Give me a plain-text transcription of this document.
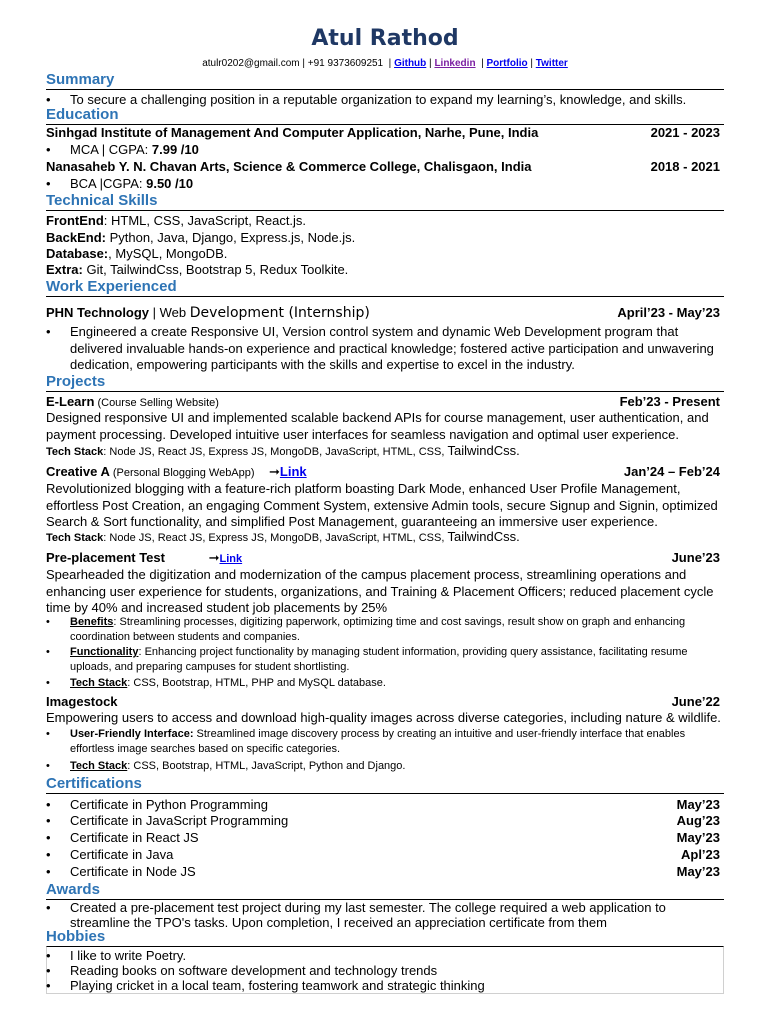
Atul Rathod
atulr0202@gmail.com | +91 9373609251  | Github | Linkedin  | Portfolio | Twitter
Summary
• To secure a challenging position in a reputable organization to expand my learning’s, knowledge, and skills.
Education
Sinhgad Institute of Management And Computer Application, Narhe, Pune, India	2021 - 2023
• MCA | CGPA: 7.99 /10
Nanasaheb Y. N. Chavan Arts, Science & Commerce College, Chalisgaon, India	2018 - 2021
• BCA |CGPA: 9.50 /10
Technical Skills
FrontEnd: HTML, CSS, JavaScript, React.js.
BackEnd: Python, Java, Django, Express.js, Node.js.
Database:, MySQL, MongoDB.
Extra: Git, TailwindCss, Bootstrap 5, Redux Toolkite.
Work Experienced
PHN Technology | Web Development (Internship)	April’23 - May’23
• Engineered a create Responsive UI, Version control system and dynamic Web Development program that delivered invaluable hands-on experience and practical knowledge; fostered active participation and unwavering dedication, empowering participants with the skills and expertise to excel in the industry.
Projects
E-Learn (Course Selling Website)	Feb’23 - Present
Designed responsive UI and implemented scalable backend APIs for course management, user authentication, and payment processing. Developed intuitive user interfaces for seamless navigation and optimal user experience.
Tech Stack: Node JS, React JS, Express JS, MongoDB, JavaScript, HTML, CSS, TailwindCss.
Creative A (Personal Blogging WebApp) ➞Link	Jan’24 – Feb’24
Revolutionized blogging with a feature-rich platform boasting Dark Mode, enhanced User Profile Management, effortless Post Creation, an engaging Comment System, extensive Admin tools, secure Signup and Signin, optimized Search & Sort functionality, and simplified Post Management, guaranteeing an immersive user experience.
Tech Stack: Node JS, React JS, Express JS, MongoDB, JavaScript, HTML, CSS, TailwindCss.
Pre-placement Test	➞Link	June’23
Spearheaded the digitization and modernization of the campus placement process, streamlining operations and enhancing user experience for students, organizations, and Training & Placement Officers; reduced placement cycle time by 40% and increased student job placements by 25%
• Benefits: Streamlining processes, digitizing paperwork, optimizing time and cost savings, result show on graph and enhancing coordination between students and companies.
• Functionality: Enhancing project functionality by managing student information, providing query assistance, facilitating resume uploads, and preparing campuses for student shortlisting.
• Tech Stack: CSS, Bootstrap, HTML, PHP and MySQL database.
Imagestock	June’22
Empowering users to access and download high-quality images across diverse categories, including nature & wildlife.
• User-Friendly Interface: Streamlined image discovery process by creating an intuitive and user-friendly interface that enables effortless image searches based on specific categories.
• Tech Stack: CSS, Bootstrap, HTML, JavaScript, Python and Django.
Certifications
• Certificate in Python Programming	May’23
• Certificate in JavaScript Programming	Aug’23
• Certificate in React JS	May’23
• Certificate in Java	Apl’23
• Certificate in Node JS	May’23
Awards
• Created a pre-placement test project during my last semester. The college required a web application to streamline the TPO's tasks. Upon completion, I received an appreciation certificate from them
Hobbies
• I like to write Poetry.
• Reading books on software development and technology trends
• Playing cricket in a local team, fostering teamwork and strategic thinking
